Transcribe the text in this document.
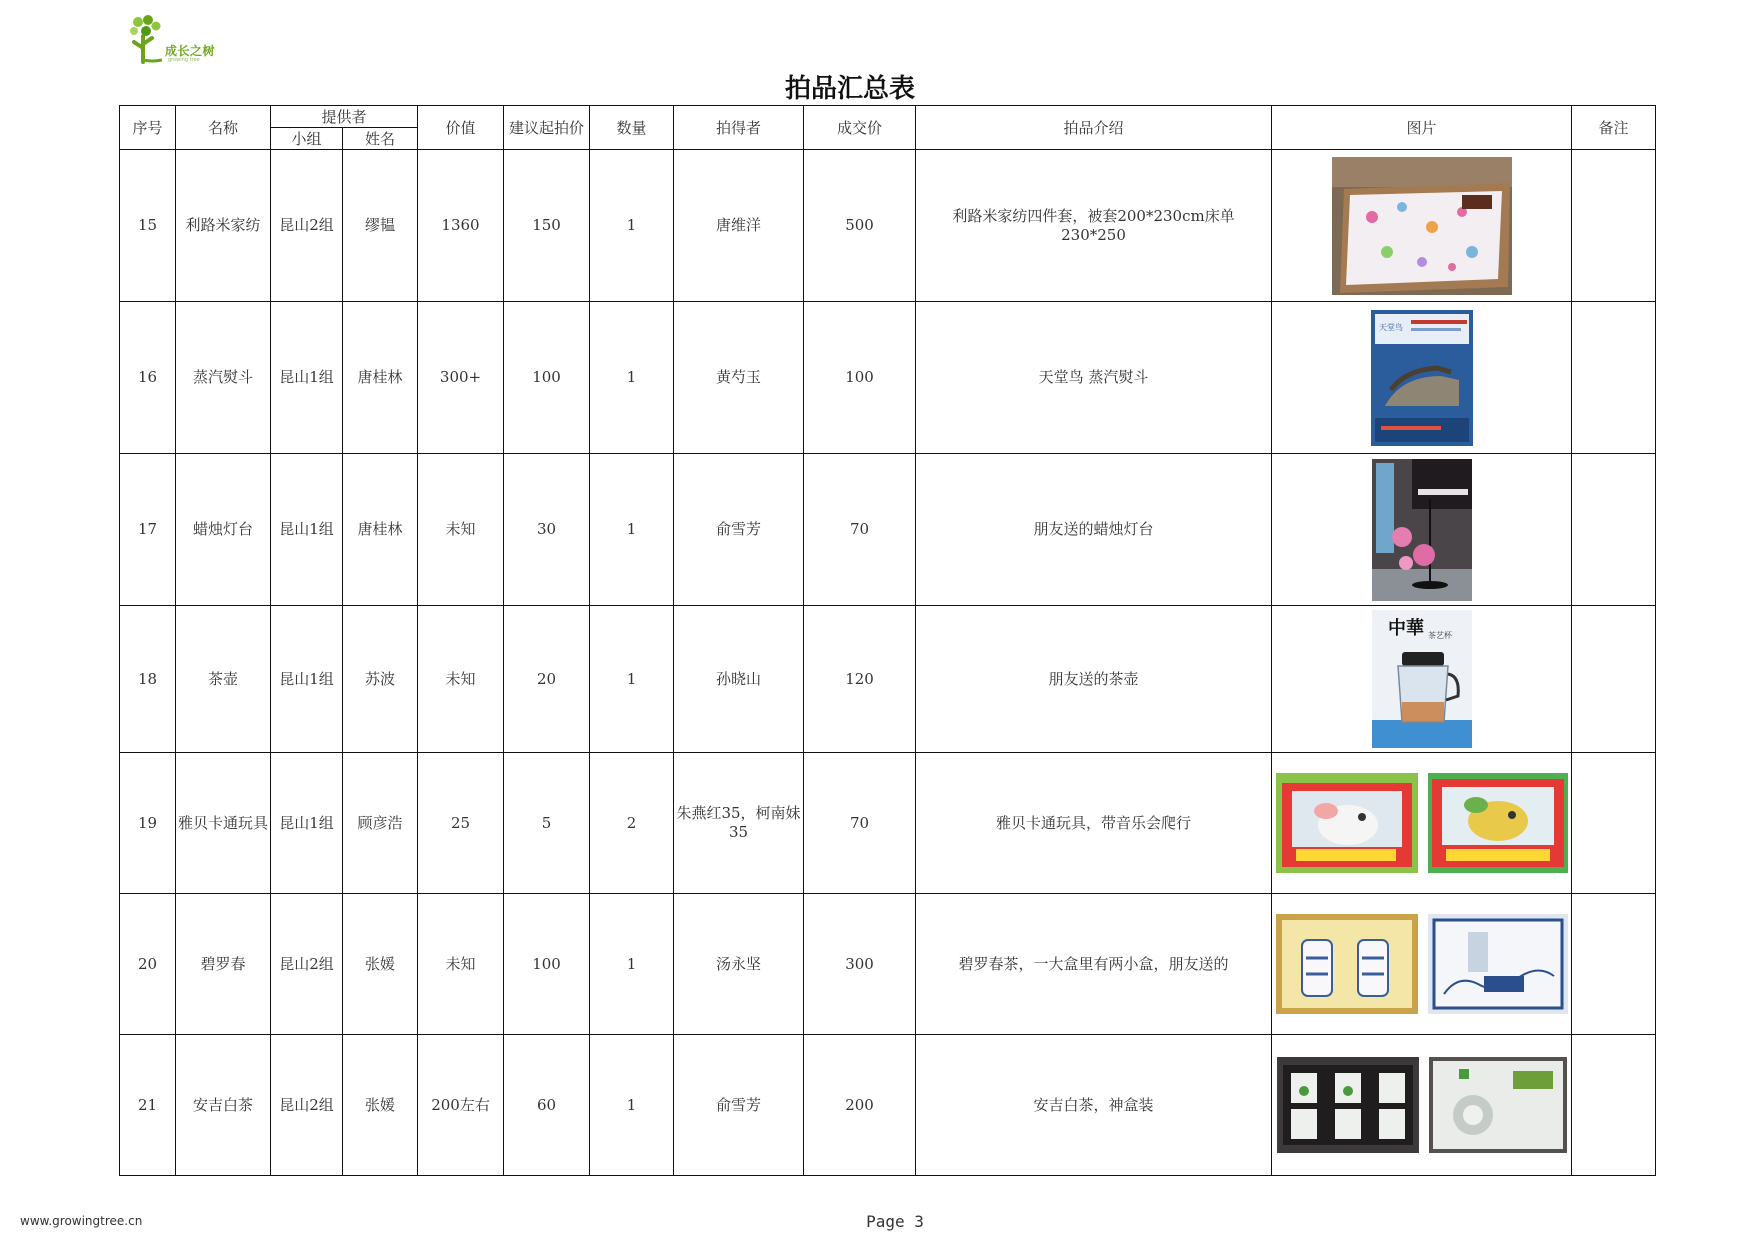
成长之树
growing tree
拍品汇总表
序号	名称	提供者		价值	建议起拍价	数量	拍得者	成交价	拍品介绍	图片	备注
		小组	姓名								
15	利路米家纺	昆山2组	缪韫	1360	150	1	唐维洋	500	利路米家纺四件套，被套200*230cm床单230*250	

16	蒸汽熨斗	昆山1组	唐桂林	300+	100	1	黄芍玉	100	天堂鸟 蒸汽熨斗	天堂鸟	

17	蜡烛灯台	昆山1组	唐桂林	未知	30	1	俞雪芳	70	朋友送的蜡烛灯台	

18	茶壶	昆山1组	苏波	未知	20	1	孙晓山	120	朋友送的茶壶	中華 茶艺杯	

19	雅贝卡通玩具	昆山1组	顾彦浩	25	5	2	朱燕红35，柯南妹35	70	雅贝卡通玩具，带音乐会爬行	

20	碧罗春	昆山2组	张媛	未知	100	1	汤永坚	300	碧罗春茶，一大盒里有两小盒，朋友送的	

21	安吉白茶	昆山2组	张媛	200左右	60	1	俞雪芳	200	安吉白茶，神盒装	

www.growingtree.cn	Page 3
